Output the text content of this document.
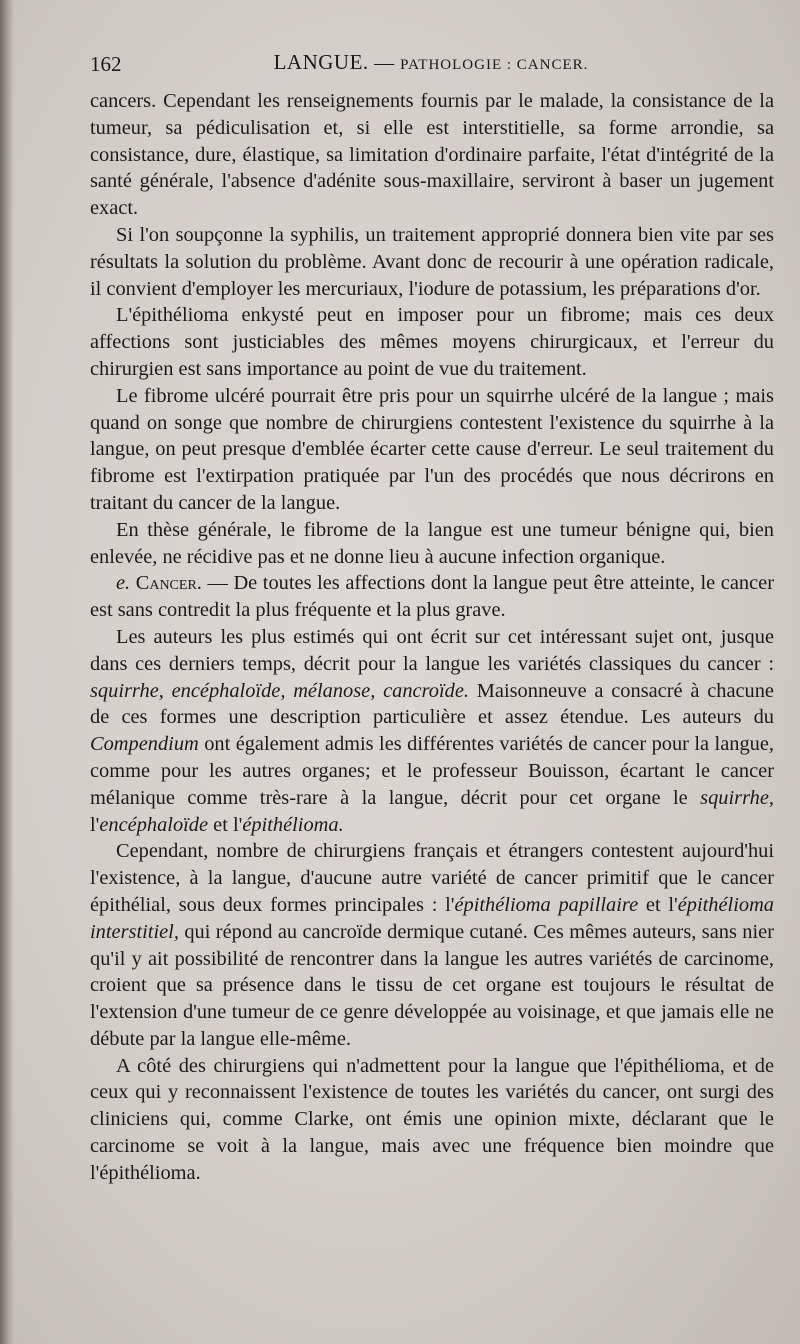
162	LANGUE. — PATHOLOGIE : CANCER.

cancers. Cependant les renseignements fournis par le malade, la consistance de la tumeur, sa pédiculisation et, si elle est interstitielle, sa forme arrondie, sa consistance, dure, élastique, sa limitation d'ordinaire parfaite, l'état d'intégrité de la santé générale, l'absence d'adénite sous-maxillaire, serviront à baser un jugement exact.

Si l'on soupçonne la syphilis, un traitement approprié donnera bien vite par ses résultats la solution du problème. Avant donc de recourir à une opération radicale, il convient d'employer les mercuriaux, l'iodure de potassium, les préparations d'or.

L'épithélioma enkysté peut en imposer pour un fibrome; mais ces deux affections sont justiciables des mêmes moyens chirurgicaux, et l'erreur du chirurgien est sans importance au point de vue du traitement.

Le fibrome ulcéré pourrait être pris pour un squirrhe ulcéré de la langue ; mais quand on songe que nombre de chirurgiens contestent l'existence du squirrhe à la langue, on peut presque d'emblée écarter cette cause d'erreur. Le seul traitement du fibrome est l'extirpation pratiquée par l'un des procédés que nous décrirons en traitant du cancer de la langue.

En thèse générale, le fibrome de la langue est une tumeur bénigne qui, bien enlevée, ne récidive pas et ne donne lieu à aucune infection organique.

e. Cancer. — De toutes les affections dont la langue peut être atteinte, le cancer est sans contredit la plus fréquente et la plus grave.

Les auteurs les plus estimés qui ont écrit sur cet intéressant sujet ont, jusque dans ces derniers temps, décrit pour la langue les variétés classiques du cancer : squirrhe, encéphaloïde, mélanose, cancroïde. Maisonneuve a consacré à chacune de ces formes une description particulière et assez étendue. Les auteurs du Compendium ont également admis les différentes variétés de cancer pour la langue, comme pour les autres organes; et le professeur Bouisson, écartant le cancer mélanique comme très-rare à la langue, décrit pour cet organe le squirrhe, l'encéphaloïde et l'épithélioma.

Cependant, nombre de chirurgiens français et étrangers contestent aujourd'hui l'existence, à la langue, d'aucune autre variété de cancer primitif que le cancer épithélial, sous deux formes principales : l'épithélioma papillaire et l'épithélioma interstitiel, qui répond au cancroïde dermique cutané. Ces mêmes auteurs, sans nier qu'il y ait possibilité de rencontrer dans la langue les autres variétés de carcinome, croient que sa présence dans le tissu de cet organe est toujours le résultat de l'extension d'une tumeur de ce genre développée au voisinage, et que jamais elle ne débute par la langue elle-même.

A côté des chirurgiens qui n'admettent pour la langue que l'épithélioma, et de ceux qui y reconnaissent l'existence de toutes les variétés du cancer, ont surgi des cliniciens qui, comme Clarke, ont émis une opinion mixte, déclarant que le carcinome se voit à la langue, mais avec une fréquence bien moindre que l'épithélioma.
